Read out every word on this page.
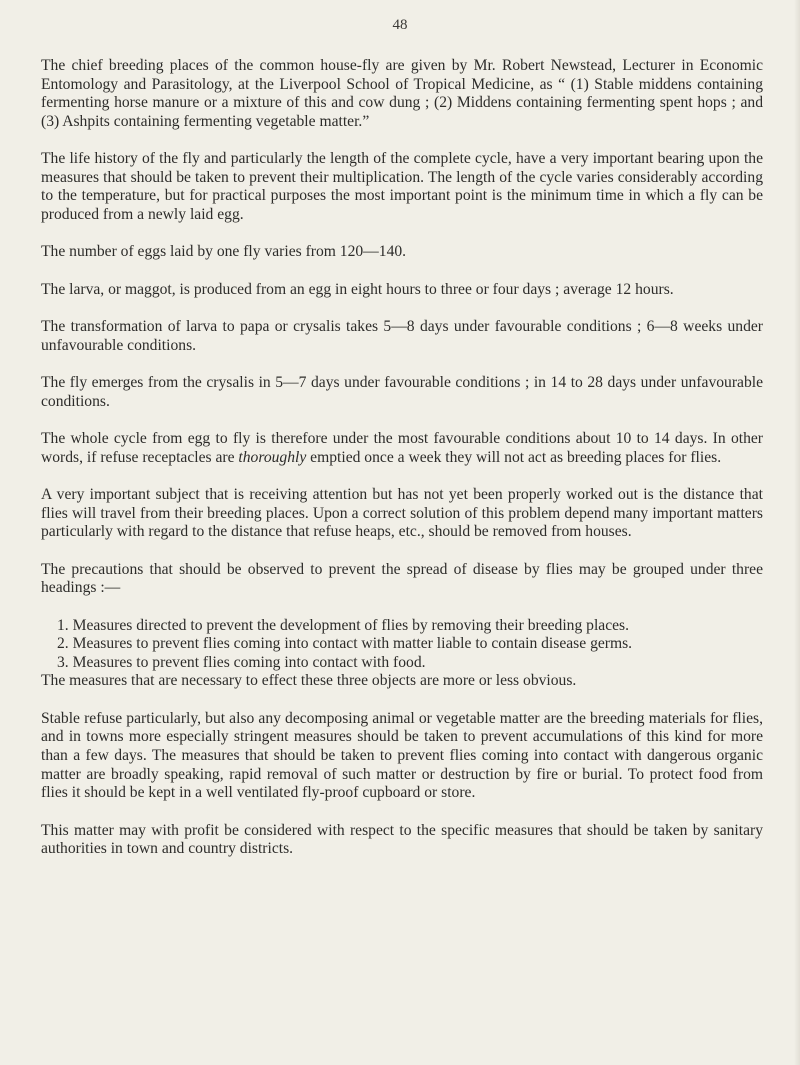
48

The chief breeding places of the common house-fly are given by Mr. Robert Newstead, Lecturer in Economic Entomology and Parasitology, at the Liverpool School of Tropical Medicine, as “ (1) Stable middens containing fermenting horse manure or a mixture of this and cow dung ; (2) Middens containing fermenting spent hops ; and (3) Ashpits containing fermenting vegetable matter.”

The life history of the fly and particularly the length of the complete cycle, have a very important bearing upon the measures that should be taken to prevent their multiplication. The length of the cycle varies considerably according to the temperature, but for practical purposes the most important point is the minimum time in which a fly can be produced from a newly laid egg.

The number of eggs laid by one fly varies from 120—140.

The larva, or maggot, is produced from an egg in eight hours to three or four days ; average 12 hours.

The transformation of larva to papa or crysalis takes 5—8 days under favourable conditions ; 6—8 weeks under unfavourable conditions.

The fly emerges from the crysalis in 5—7 days under favourable conditions ; in 14 to 28 days under unfavourable conditions.

The whole cycle from egg to fly is therefore under the most favourable conditions about 10 to 14 days. In other words, if refuse receptacles are thoroughly emptied once a week they will not act as breeding places for flies.

A very important subject that is receiving attention but has not yet been properly worked out is the distance that flies will travel from their breeding places. Upon a correct solution of this problem depend many important matters particularly with regard to the distance that refuse heaps, etc., should be removed from houses.

The precautions that should be observed to prevent the spread of disease by flies may be grouped under three headings :—

1. Measures directed to prevent the development of flies by removing their breeding places.

2. Measures to prevent flies coming into contact with matter liable to contain disease germs.

3. Measures to prevent flies coming into contact with food.

The measures that are necessary to effect these three objects are more or less obvious.

Stable refuse particularly, but also any decomposing animal or vegetable matter are the breeding materials for flies, and in towns more especially stringent measures should be taken to prevent accumulations of this kind for more than a few days. The measures that should be taken to prevent flies coming into contact with dangerous organic matter are broadly speaking, rapid removal of such matter or destruction by fire or burial. To protect food from flies it should be kept in a well ventilated fly-proof cupboard or store.

This matter may with profit be considered with respect to the specific measures that should be taken by sanitary authorities in town and country districts.
